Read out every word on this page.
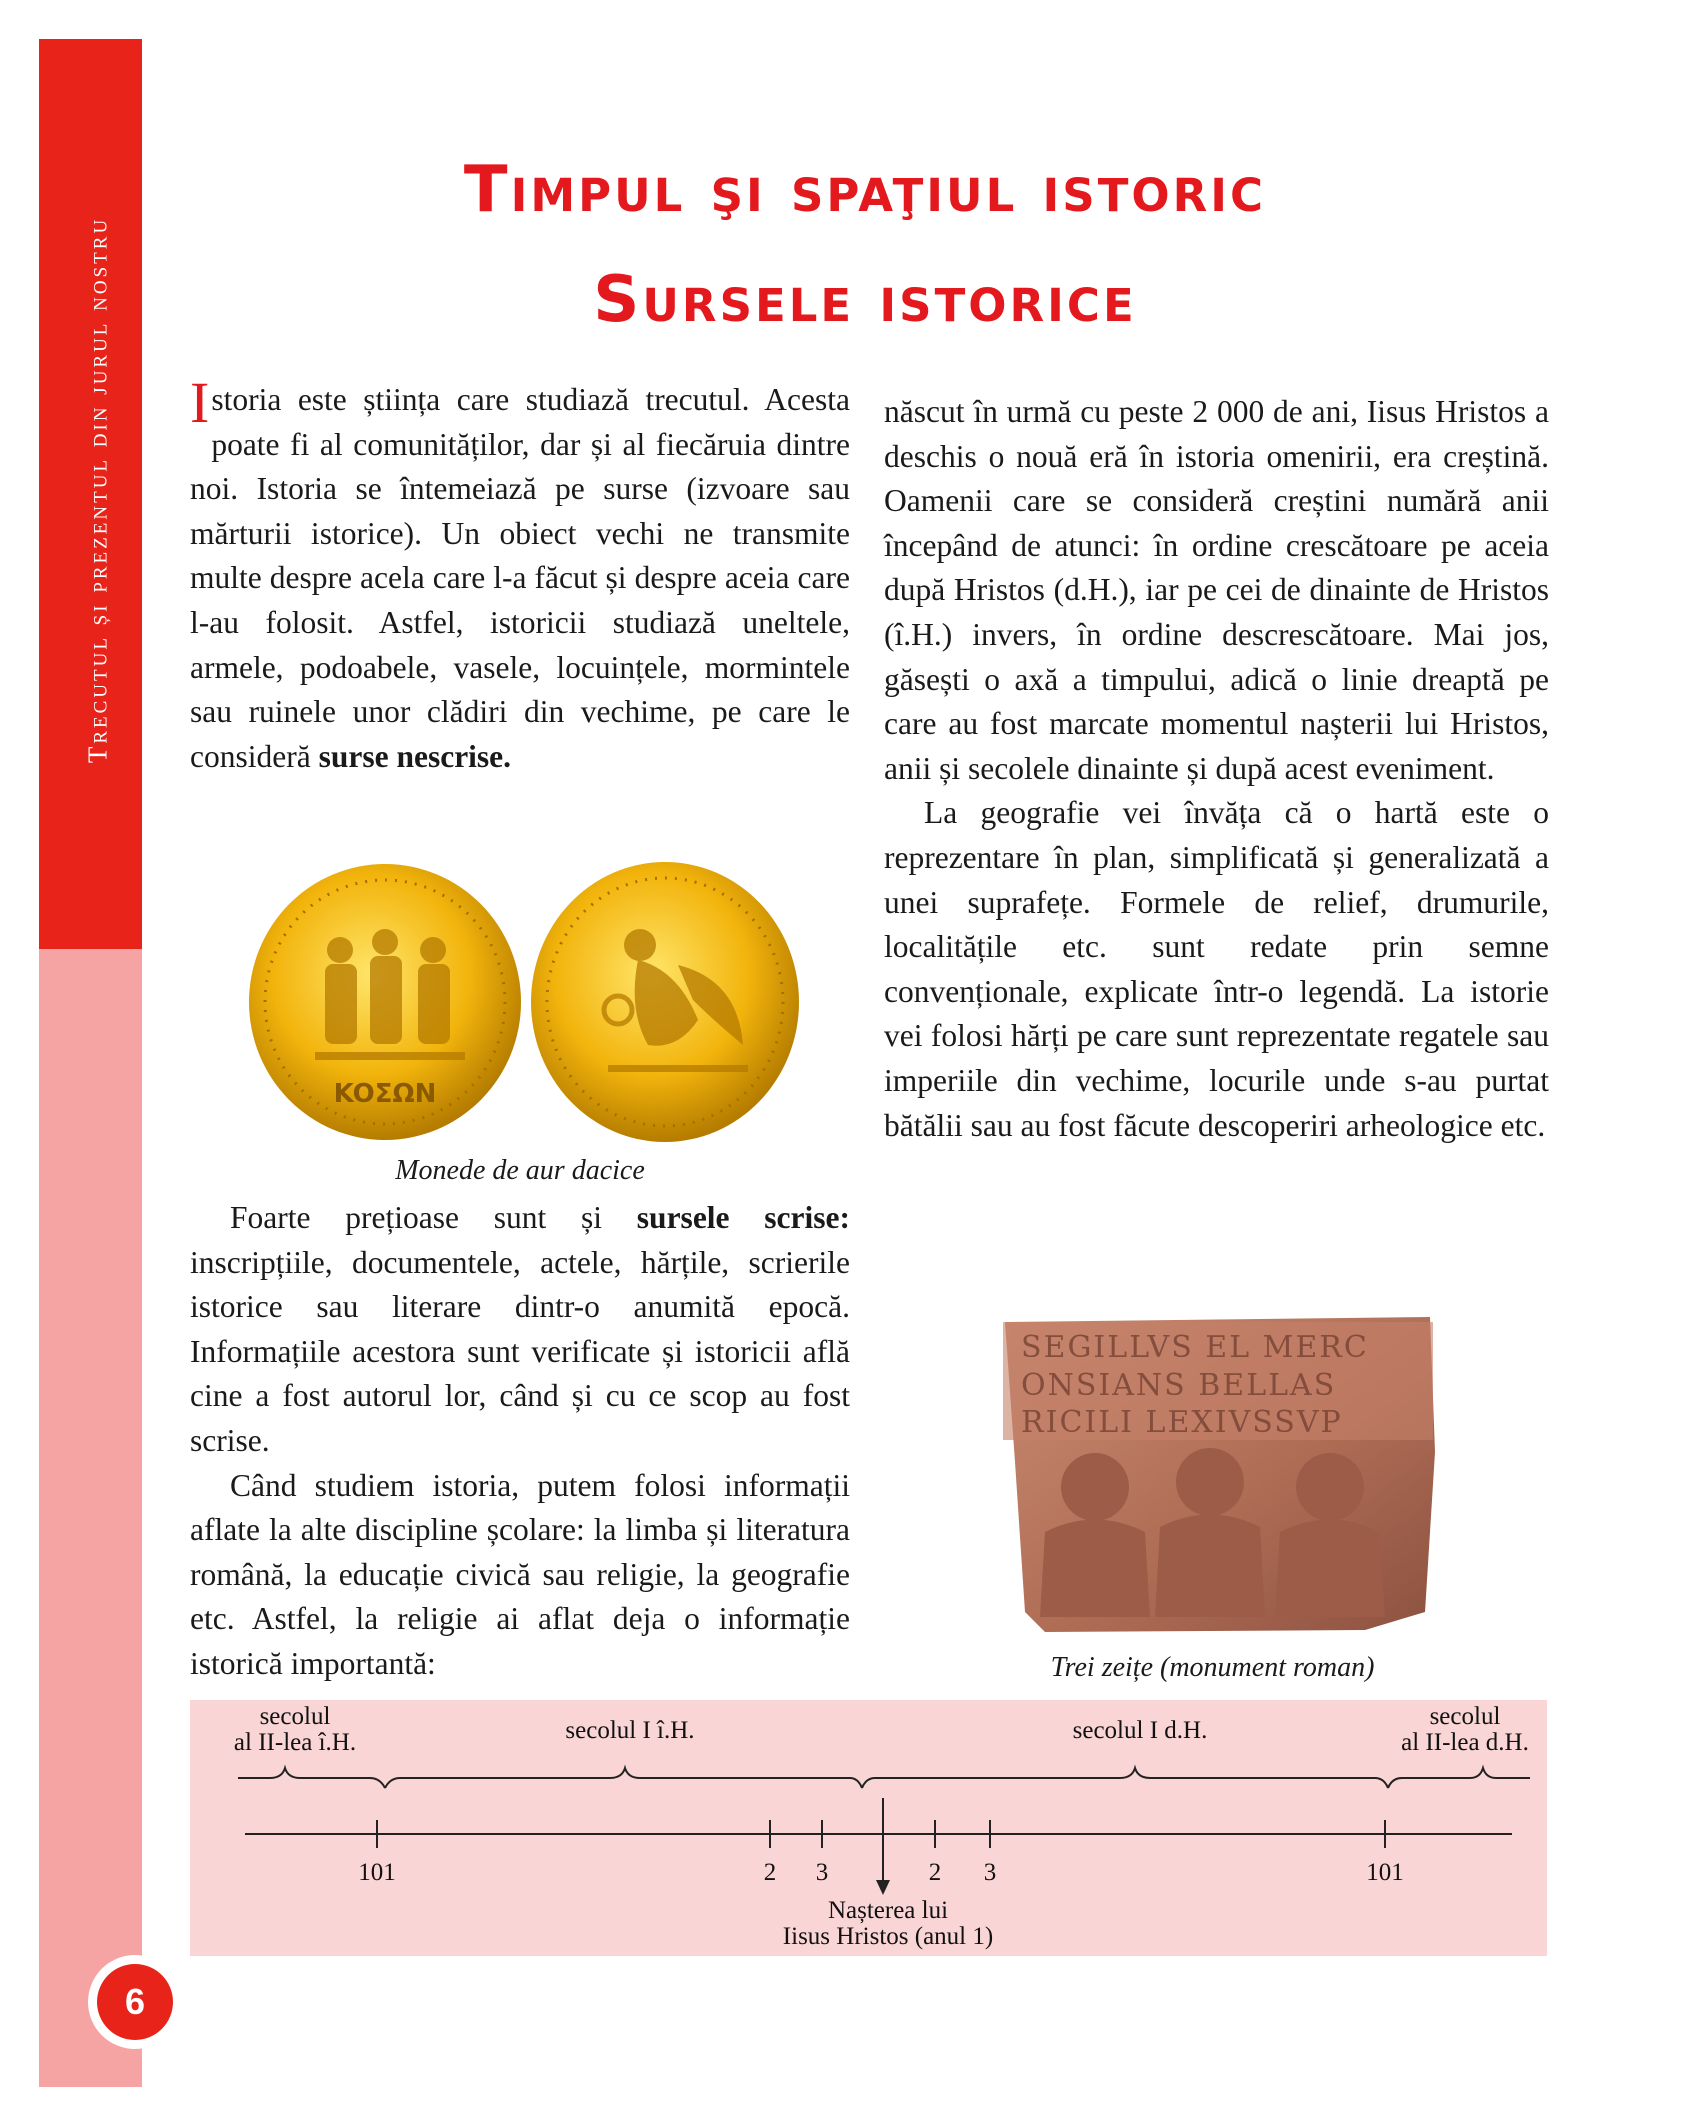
Trecutul și prezentul din jurul nostru
6
Timpul şi spaţiul istoric
Sursele istorice

Istoria este știința care studiază trecutul. Acesta poate fi al comunităților, dar și al fiecăruia dintre noi. Istoria se întemeiază pe surse (izvoare sau mărturii istorice). Un obiect vechi ne transmite multe despre acela care l-a făcut și despre aceia care l-au folosit. Astfel, istoricii studiază uneltele, armele, podoabele, vasele, locuințele, mormintele sau ruinele unor clădiri din vechime, pe care le consideră surse nescrise.

KOΣΩN
Monede de aur dacice

Foarte prețioase sunt și sursele scrise: inscripțiile, documentele, actele, hărțile, scrierile istorice sau literare dintr-o anumită epocă. Informațiile acestora sunt verificate și istoricii află cine a fost autorul lor, când și cu ce scop au fost scrise.

Când studiem istoria, putem folosi informații aflate la alte discipline școlare: la limba și literatura română, la educație civică sau religie, la geografie etc. Astfel, la religie ai aflat deja o informație istorică importantă:

născut în urmă cu peste 2 000 de ani, Iisus Hristos a deschis o nouă eră în istoria omenirii, era creștină. Oamenii care se consideră creștini numără anii începând de atunci: în ordine crescătoare pe aceia după Hristos (d.H.), iar pe cei de dinainte de Hristos (î.H.) invers, în ordine descrescătoare. Mai jos, găsești o axă a timpului, adică o linie dreaptă pe care au fost marcate momentul nașterii lui Hristos, anii și secolele dinainte și după acest eveniment.

La geografie vei învăța că o hartă este o reprezentare în plan, simplificată și generalizată a unei suprafețe. Formele de relief, drumurile, localitățile etc. sunt redate prin semne convenționale, explicate într-o legendă. La istorie vei folosi hărți pe care sunt reprezentate regatele sau imperiile din vechime, locurile unde s-au purtat bătălii sau au fost făcute descoperiri arheologice etc.

SEGILLVS EL MERC
ONSIANS BELLAS
RICILI LEXIVSSVP
Trei zeițe (monument roman)
secolul
al II-lea î.H.	secolul I î.H.	secolul I d.H.
secolul
al II-lea d.H.
101	2	3	2	3	101
Nașterea lui
Iisus Hristos (anul 1)
